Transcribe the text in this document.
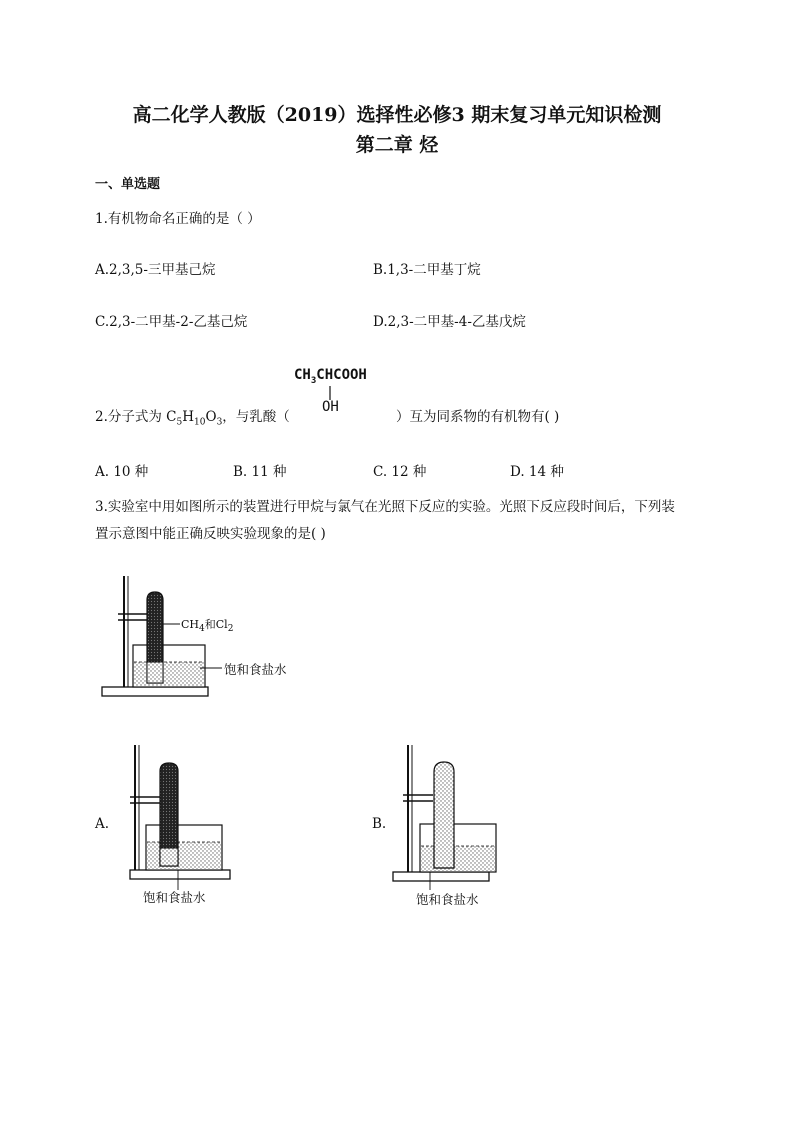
高二化学人教版（2019）选择性必修3 期末复习单元知识检测
第二章 烃
一、单选题
1.有机物命名正确的是（ ）
A.2,3,5-三甲基己烷	B.1,3-二甲基丁烷
C.2,3-二甲基-2-乙基己烷	D.2,3-二甲基-4-乙基戊烷
$CH_3CHCOOH$
OH
2.分子式为 $C_5H_{10}O_3$，与乳酸（	）互为同系物的有机物有( )
A. 10 种	B. 11 种	C. 12 种	D. 14 种
3.实验室中用如图所示的装置进行甲烷与氯气在光照下反应的实验。光照下反应段时间后，下列装
置示意图中能正确反映实验现象的是( )
$CH_4$和$Cl_2$
饱和食盐水
A.
饱和食盐水
B.
饱和食盐水
